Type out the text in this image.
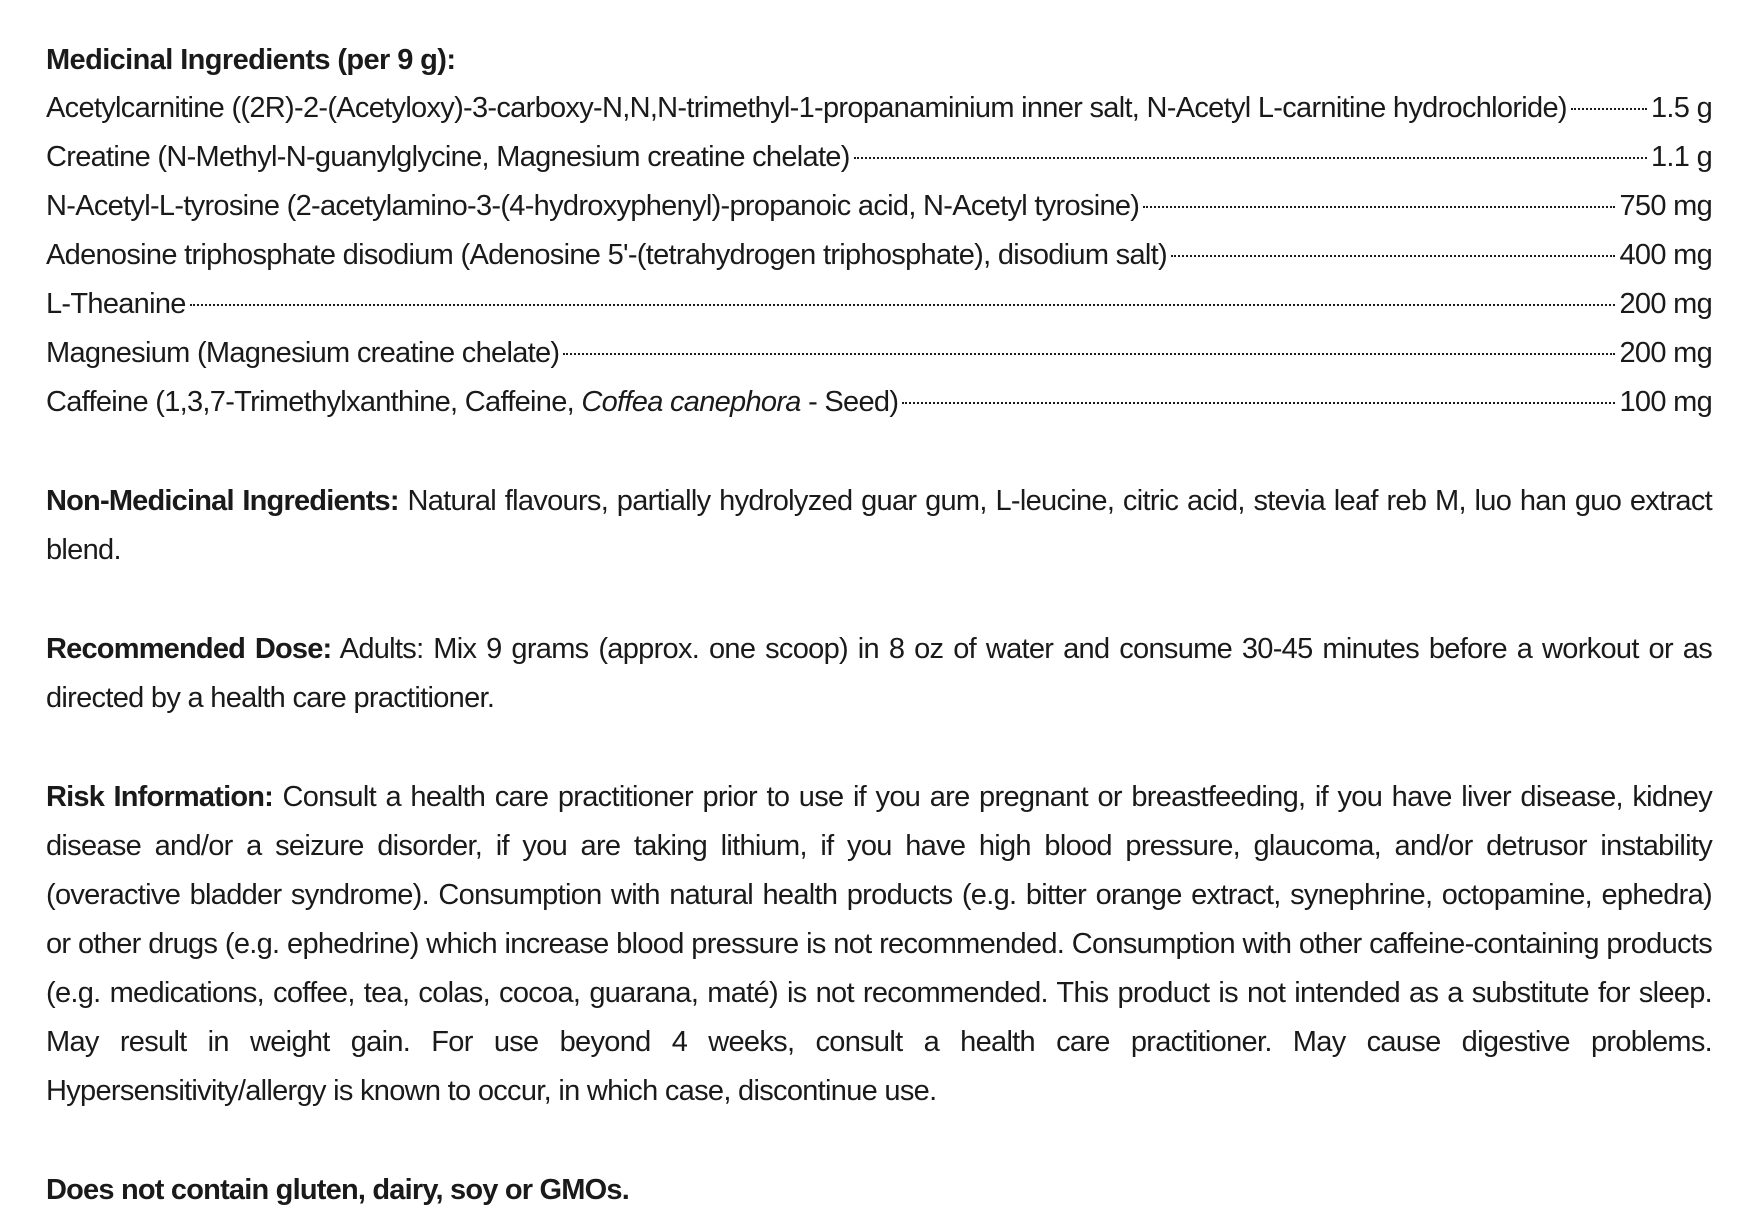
Medicinal Ingredients (per 9 g):
Acetylcarnitine ((2R)-2-(Acetyloxy)-3-carboxy-N,N,N-trimethyl-1-propanaminium inner salt, N-Acetyl L-carnitine hydrochloride)	1.5 g
Creatine (N-Methyl-N-guanylglycine, Magnesium creatine chelate)	1.1 g
N-Acetyl-L-tyrosine (2-acetylamino-3-(4-hydroxyphenyl)-propanoic acid, N-Acetyl tyrosine)	750 mg
Adenosine triphosphate disodium (Adenosine 5'-(tetrahydrogen triphosphate), disodium salt)	400 mg
L-Theanine	200 mg
Magnesium (Magnesium creatine chelate)	200 mg
Caffeine (1,3,7-Trimethylxanthine, Caffeine, Coffea canephora - Seed)	100 mg
Non-Medicinal Ingredients: Natural flavours, partially hydrolyzed guar gum, L-leucine, citric acid, stevia leaf reb M, luo han guo extract blend.
Recommended Dose: Adults: Mix 9 grams (approx. one scoop) in 8 oz of water and consume 30-45 minutes before a workout or as directed by a health care practitioner.
Risk Information: Consult a health care practitioner prior to use if you are pregnant or breastfeeding, if you have liver disease, kidney disease and/or a seizure disorder, if you are taking lithium, if you have high blood pressure, glaucoma, and/or detrusor instability (overactive bladder syndrome). Consumption with natural health products (e.g. bitter orange extract, synephrine, octopamine, ephedra) or other drugs (e.g. ephedrine) which increase blood pressure is not recommended. Consumption with other caffeine-containing products (e.g. medications, coffee, tea, colas, cocoa, guarana, maté) is not recommended. This product is not intended as a substitute for sleep. May result in weight gain. For use beyond 4 weeks, consult a health care practitioner. May cause digestive problems. Hypersensitivity/allergy is known to occur, in which case, discontinue use.
Does not contain gluten, dairy, soy or GMOs.
